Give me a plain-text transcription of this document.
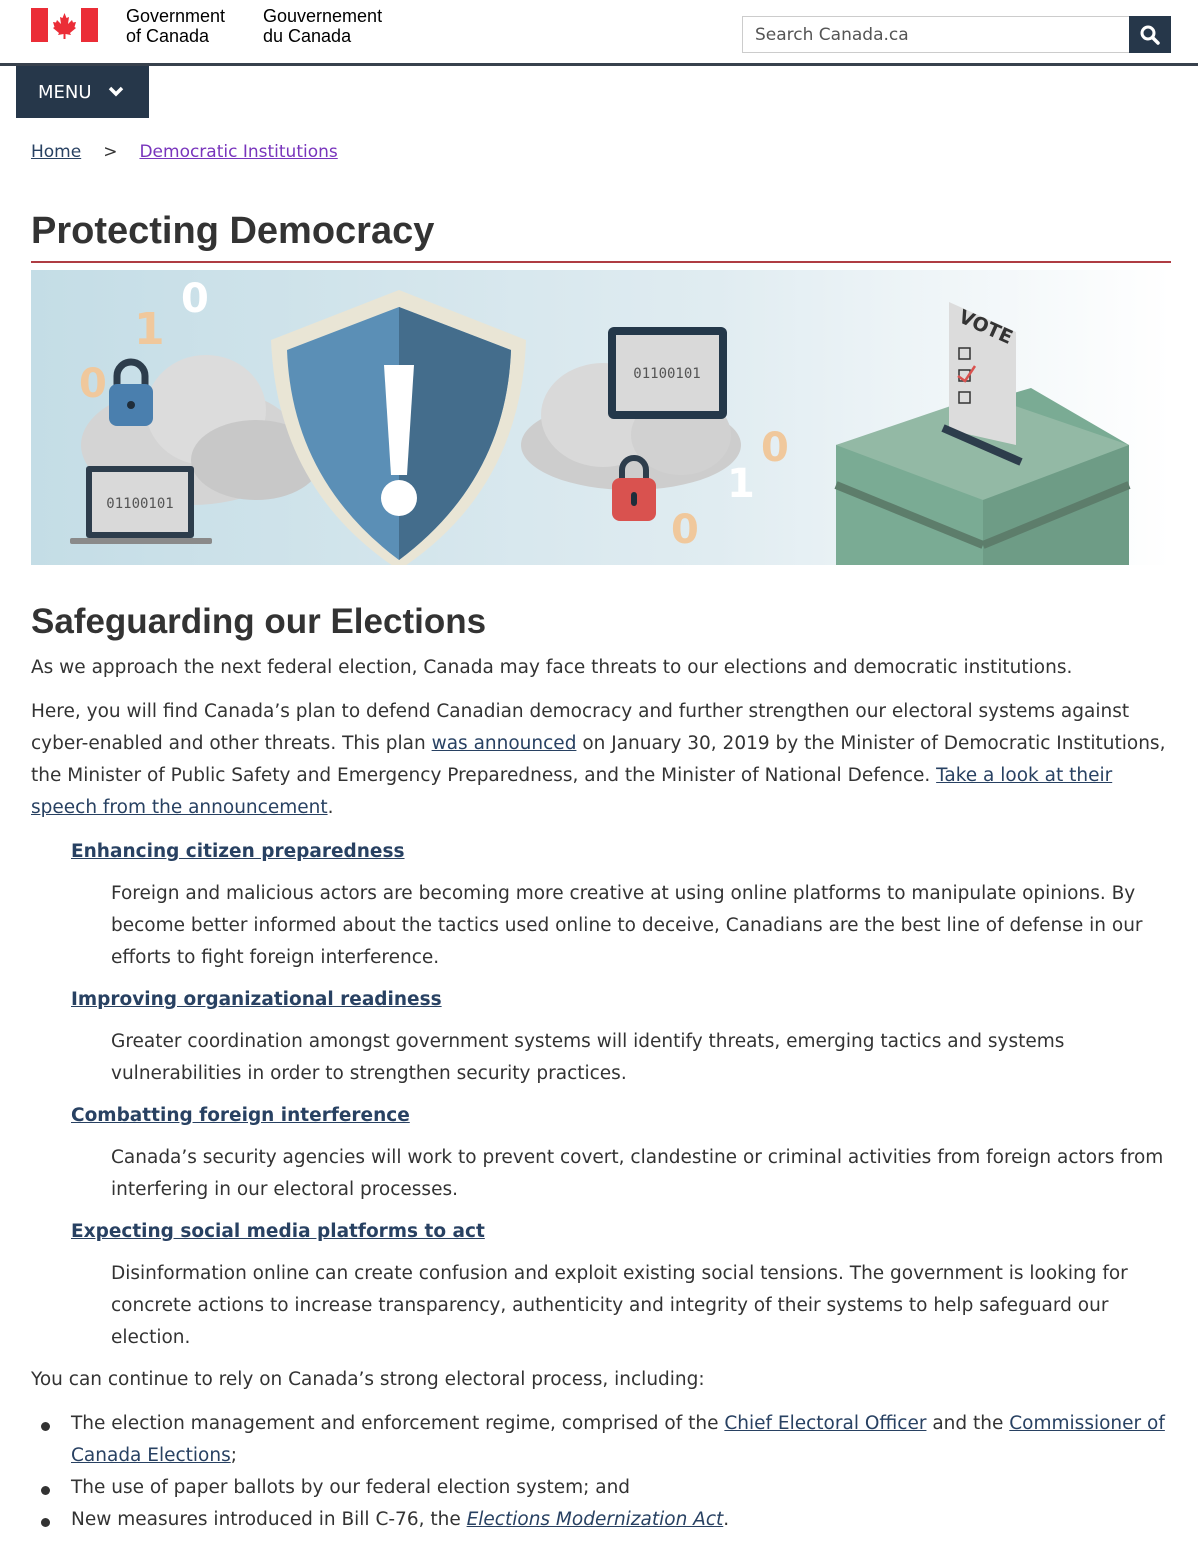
Government
of Canada
Gouvernement
du Canada
Search Canada.ca
MENU
Home > Democratic Institutions
Protecting Democracy
01100101
0
1
0
01100101
0
1
0
VOTE
Safeguarding our Elections

As we approach the next federal election, Canada may face threats to our elections and democratic institutions.

Here, you will find Canada’s plan to defend Canadian democracy and further strengthen our electoral systems against cyber-enabled and other threats. This plan was announced on January 30, 2019 by the Minister of Democratic Institutions, the Minister of Public Safety and Emergency Preparedness, and the Minister of National Defence. Take a look at their speech from the announcement.

Enhancing citizen preparedness
Foreign and malicious actors are becoming more creative at using online platforms to manipulate opinions. By become better informed about the tactics used online to deceive, Canadians are the best line of defense in our efforts to fight foreign interference.
Improving organizational readiness
Greater coordination amongst government systems will identify threats, emerging tactics and systems vulnerabilities in order to strengthen security practices.
Combatting foreign interference
Canada’s security agencies will work to prevent covert, clandestine or criminal activities from foreign actors from interfering in our electoral processes.
Expecting social media platforms to act
Disinformation online can create confusion and exploit existing social tensions. The government is looking for concrete actions to increase transparency, authenticity and integrity of their systems to help safeguard our election.

You can continue to rely on Canada’s strong electoral process, including:

The election management and enforcement regime, comprised of the Chief Electoral Officer and the Commissioner of Canada Elections;
The use of paper ballots by our federal election system; and
New measures introduced in Bill C-76, the Elections Modernization Act.
